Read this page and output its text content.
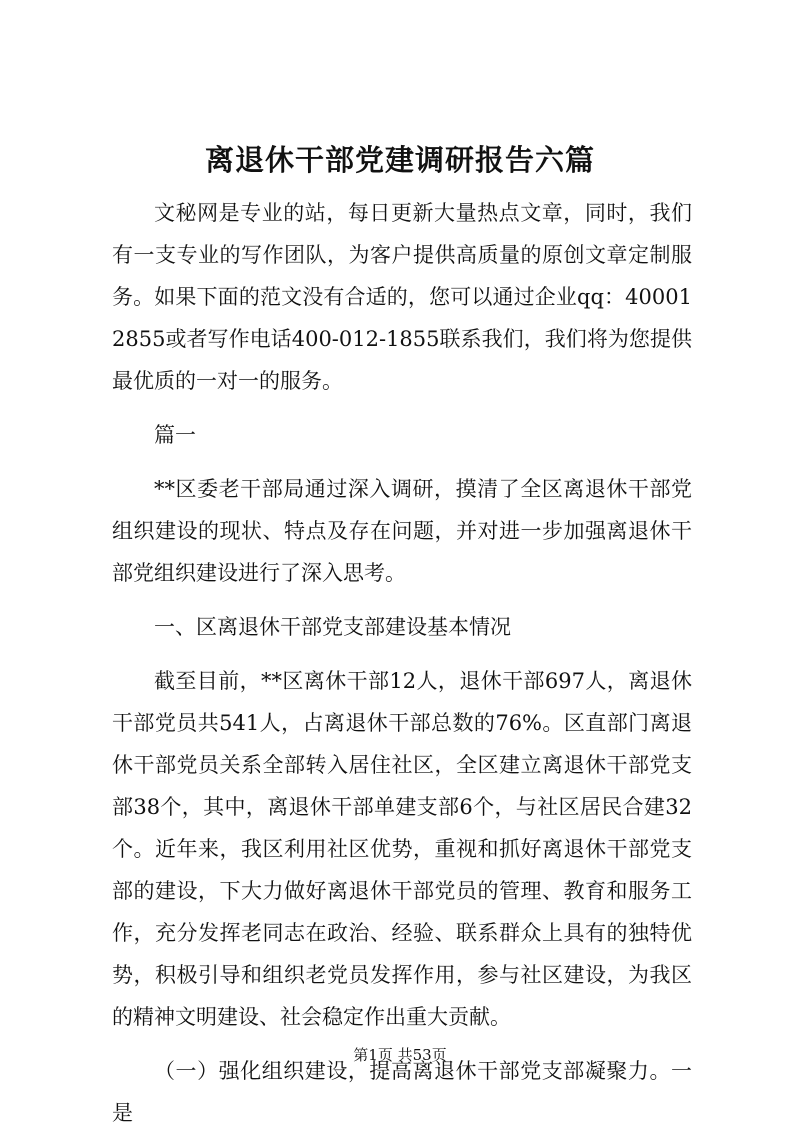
离退休干部党建调研报告六篇

文秘网是专业的站，每日更新大量热点文章，同时，我们有一支专业的写作团队，为客户提供高质量的原创文章定制服务。如果下面的范文没有合适的，您可以通过企业qq：400012855或者写作电话400-012-1855联系我们，我们将为您提供最优质的一对一的服务。

篇一

**区委老干部局通过深入调研，摸清了全区离退休干部党组织建设的现状、特点及存在问题，并对进一步加强离退休干部党组织建设进行了深入思考。

一、区离退休干部党支部建设基本情况

截至目前，**区离休干部12人，退休干部697人，离退休干部党员共541人，占离退休干部总数的76%。区直部门离退休干部党员关系全部转入居住社区，全区建立离退休干部党支部38个，其中，离退休干部单建支部6个，与社区居民合建32个。近年来，我区利用社区优势，重视和抓好离退休干部党支部的建设，下大力做好离退休干部党员的管理、教育和服务工作，充分发挥老同志在政治、经验、联系群众上具有的独特优势，积极引导和组织老党员发挥作用，参与社区建设，为我区的精神文明建设、社会稳定作出重大贡献。

（一）强化组织建设，提高离退休干部党支部凝聚力。一是

第1页 共53页
